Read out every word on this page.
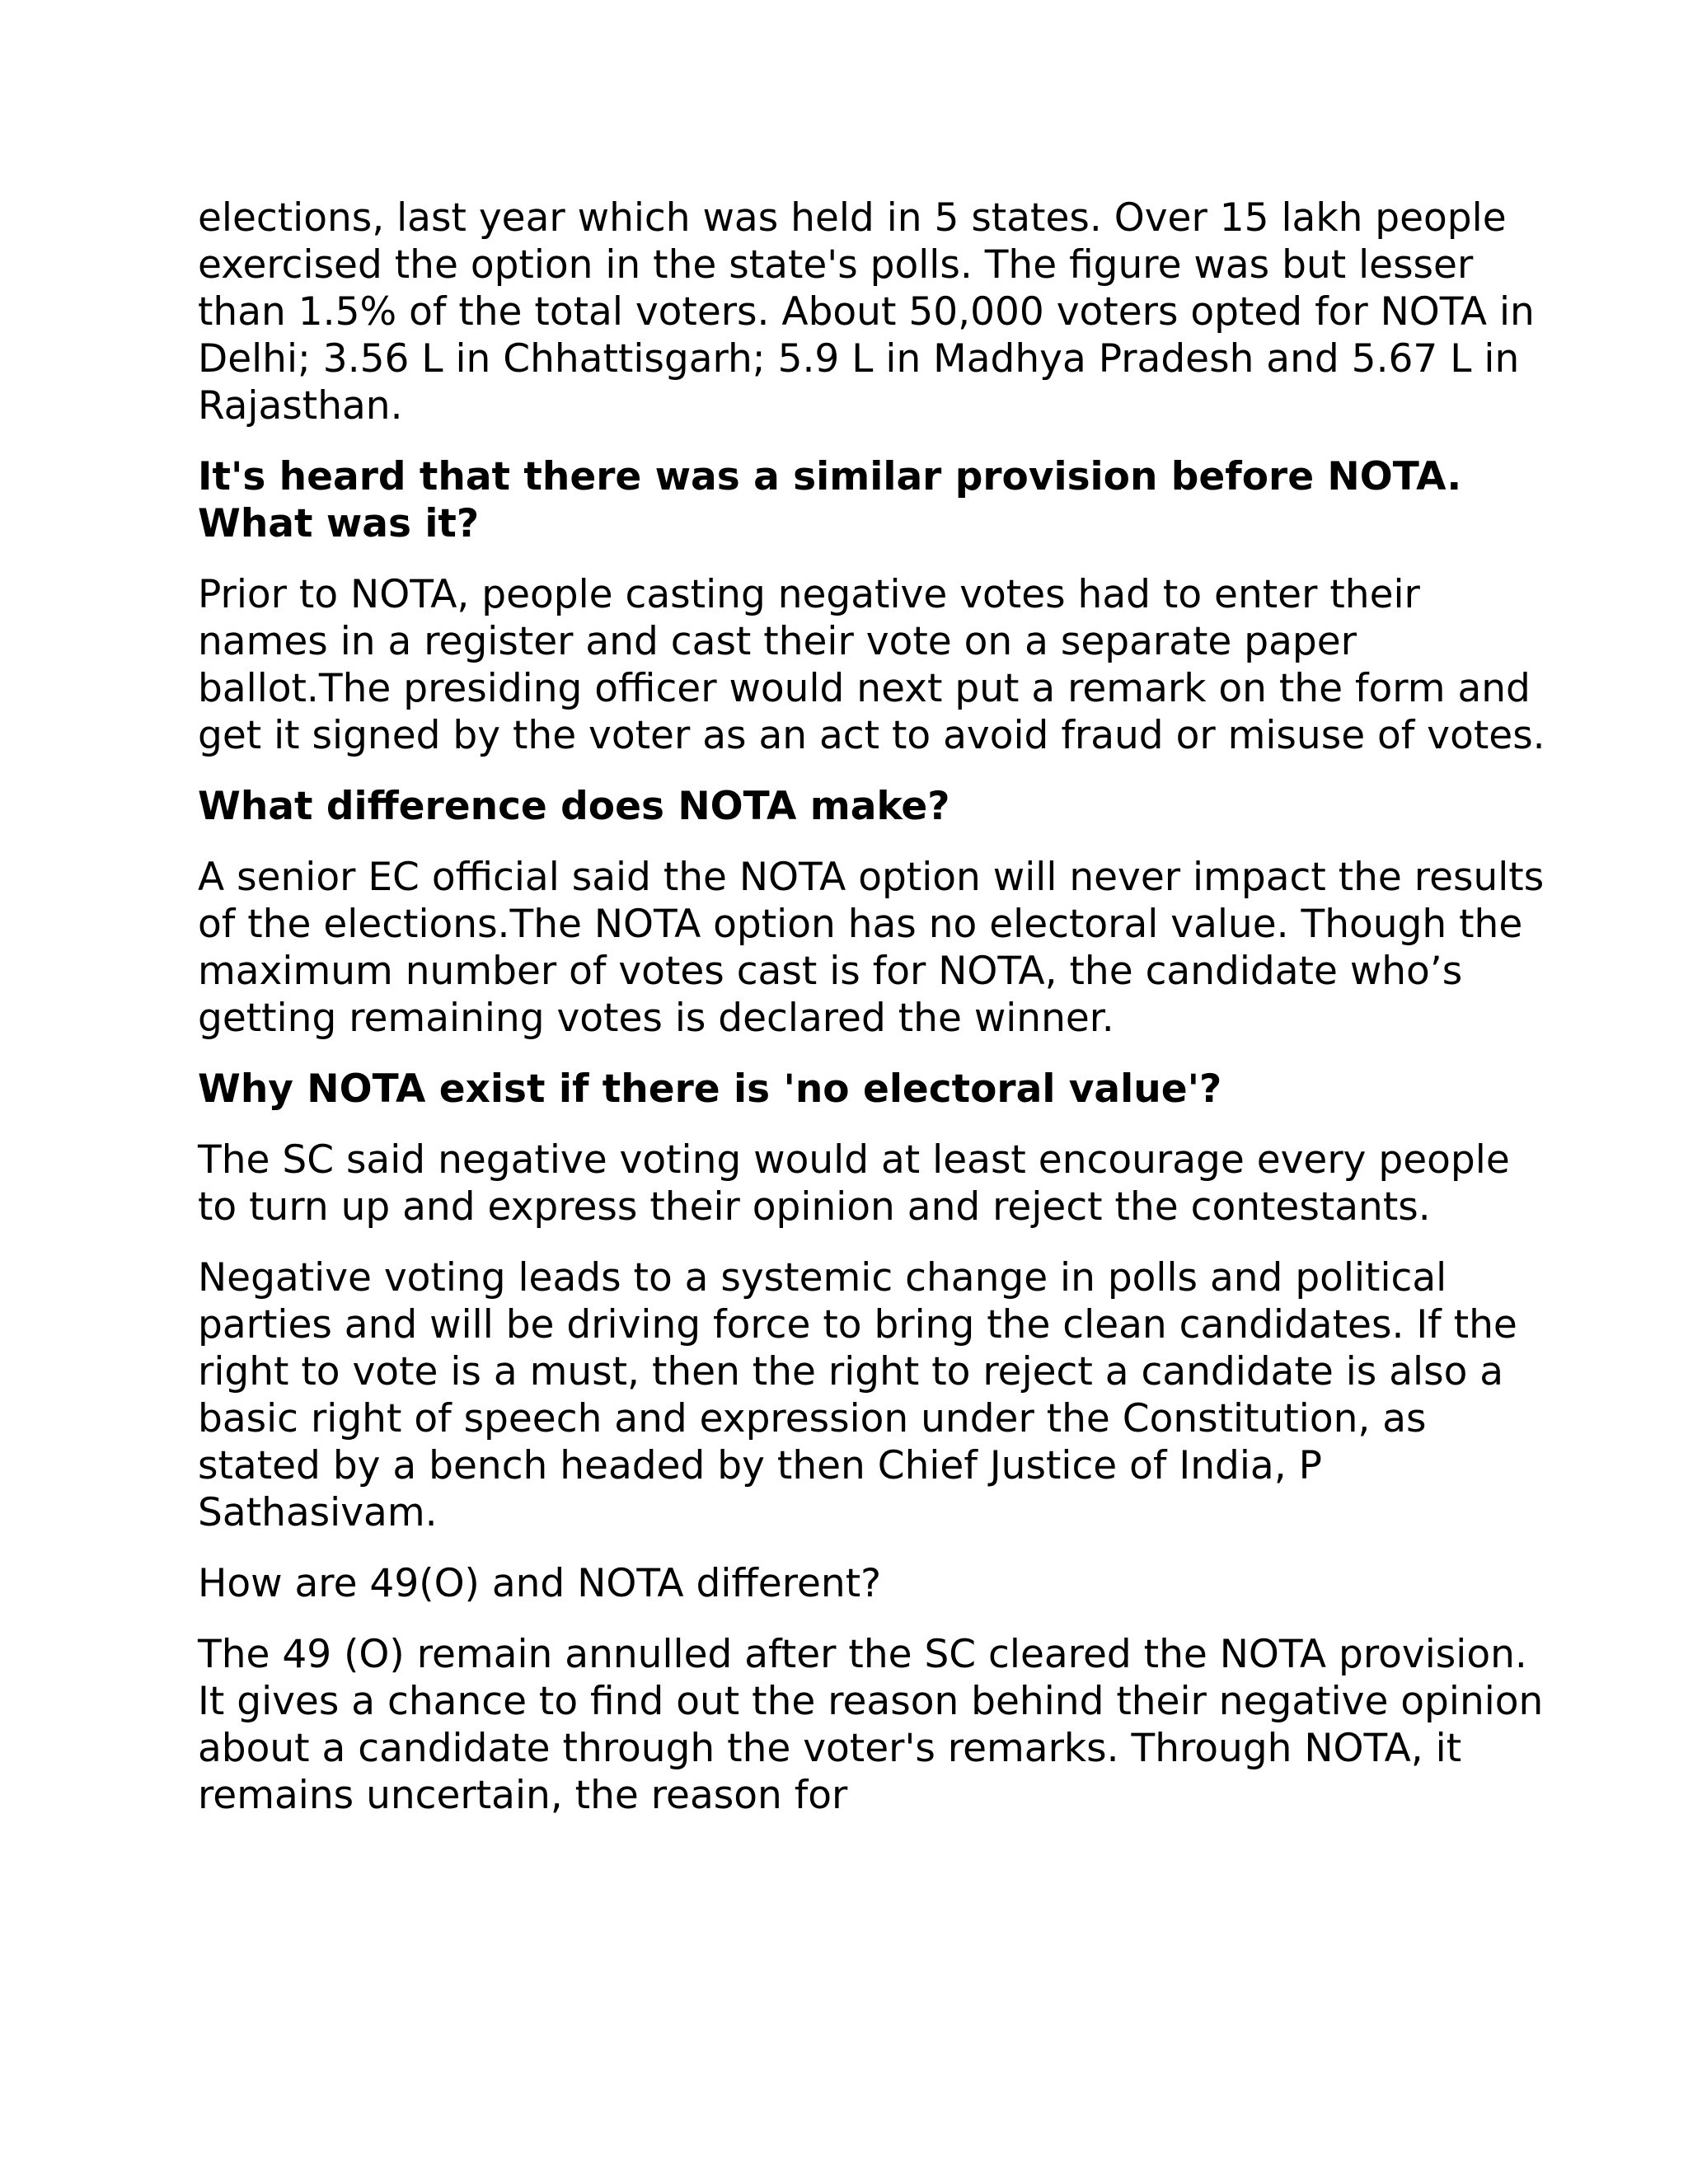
elections, last year which was held in 5 states. Over 15 lakh people exercised the option in the state's polls. The figure was but lesser than 1.5% of the total voters. About 50,000 voters opted for NOTA in Delhi; 3.56 L in Chhattisgarh; 5.9 L in Madhya Pradesh and 5.67 L in Rajasthan.

It's heard that there was a similar provision before NOTA. What was it?

Prior to NOTA, people casting negative votes had to enter their names in a register and cast their vote on a separate paper ballot.The presiding officer would next put a remark on the form and get it signed by the voter as an act to avoid fraud or misuse of votes.

What difference does NOTA make?

A senior EC official said the NOTA option will never impact the results of the elections.The NOTA option has no electoral value. Though the maximum number of votes cast is for NOTA, the candidate who’s getting remaining votes is declared the winner.

Why NOTA exist if there is 'no electoral value'?

The SC said negative voting would at least encourage every people to turn up and express their opinion and reject the contestants.

Negative voting leads to a systemic change in polls and political parties and will be driving force to bring the clean candidates. If the right to vote is a must, then the right to reject a candidate is also a basic right of speech and expression under the Constitution, as stated by a bench headed by then Chief Justice of India, P Sathasivam.

How are 49(O) and NOTA different?

The 49 (O) remain annulled after the SC cleared the NOTA provision. It gives a chance to find out the reason behind their negative opinion about a candidate through the voter's remarks. Through NOTA, it remains uncertain, the reason for
